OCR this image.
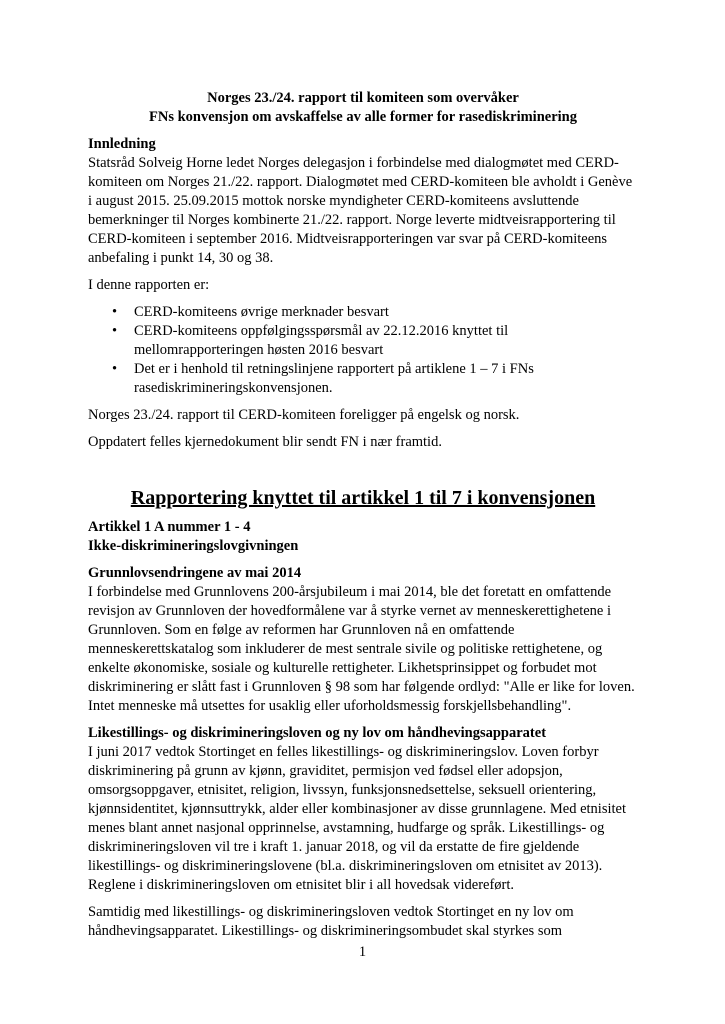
Norges 23./24. rapport til komiteen som overvåker
FNs konvensjon om avskaffelse av alle former for rasediskriminering
Innledning
Statsråd Solveig Horne ledet Norges delegasjon i forbindelse med dialogmøtet med CERD-komiteen om Norges 21./22. rapport. Dialogmøtet med CERD-komiteen ble avholdt i Genève i august 2015. 25.09.2015 mottok norske myndigheter CERD-komiteens avsluttende bemerkninger til Norges kombinerte 21./22. rapport. Norge leverte midtveisrapportering til CERD-komiteen i september 2016. Midtveisrapporteringen var svar på CERD-komiteens anbefaling i punkt 14, 30 og 38.

I denne rapporten er:

• CERD-komiteens øvrige merknader besvart
• CERD-komiteens oppfølgingsspørsmål av 22.12.2016 knyttet til mellomrapporteringen høsten 2016 besvart
• Det er i henhold til retningslinjene rapportert på artiklene 1 – 7 i FNs rasediskrimineringskonvensjonen.

Norges 23./24. rapport til CERD-komiteen foreligger på engelsk og norsk.

Oppdatert felles kjernedokument blir sendt FN i nær framtid.

Rapportering knyttet til artikkel 1 til 7 i konvensjonen
Artikkel 1 A nummer 1 - 4
Ikke-diskrimineringslovgivningen
Grunnlovsendringene av mai 2014
I forbindelse med Grunnlovens 200-årsjubileum i mai 2014, ble det foretatt en omfattende revisjon av Grunnloven der hovedformålene var å styrke vernet av menneskerettighetene i Grunnloven. Som en følge av reformen har Grunnloven nå en omfattende menneskerettskatalog som inkluderer de mest sentrale sivile og politiske rettighetene, og enkelte økonomiske, sosiale og kulturelle rettigheter. Likhetsprinsippet og forbudet mot diskriminering er slått fast i Grunnloven § 98 som har følgende ordlyd: "Alle er like for loven. Intet menneske må utsettes for usaklig eller uforholdsmessig forskjellsbehandling".
Likestillings- og diskrimineringsloven og ny lov om håndhevingsapparatet
I juni 2017 vedtok Stortinget en felles likestillings- og diskrimineringslov. Loven forbyr diskriminering på grunn av kjønn, graviditet, permisjon ved fødsel eller adopsjon, omsorgsoppgaver, etnisitet, religion, livssyn, funksjonsnedsettelse, seksuell orientering, kjønnsidentitet, kjønnsuttrykk, alder eller kombinasjoner av disse grunnlagene. Med etnisitet menes blant annet nasjonal opprinnelse, avstamning, hudfarge og språk. Likestillings- og diskrimineringsloven vil tre i kraft 1. januar 2018, og vil da erstatte de fire gjeldende likestillings- og diskrimineringslovene (bl.a. diskrimineringsloven om etnisitet av 2013). Reglene i diskrimineringsloven om etnisitet blir i all hovedsak videreført.

Samtidig med likestillings- og diskrimineringsloven vedtok Stortinget en ny lov om håndhevingsapparatet. Likestillings- og diskrimineringsombudet skal styrkes som

1
